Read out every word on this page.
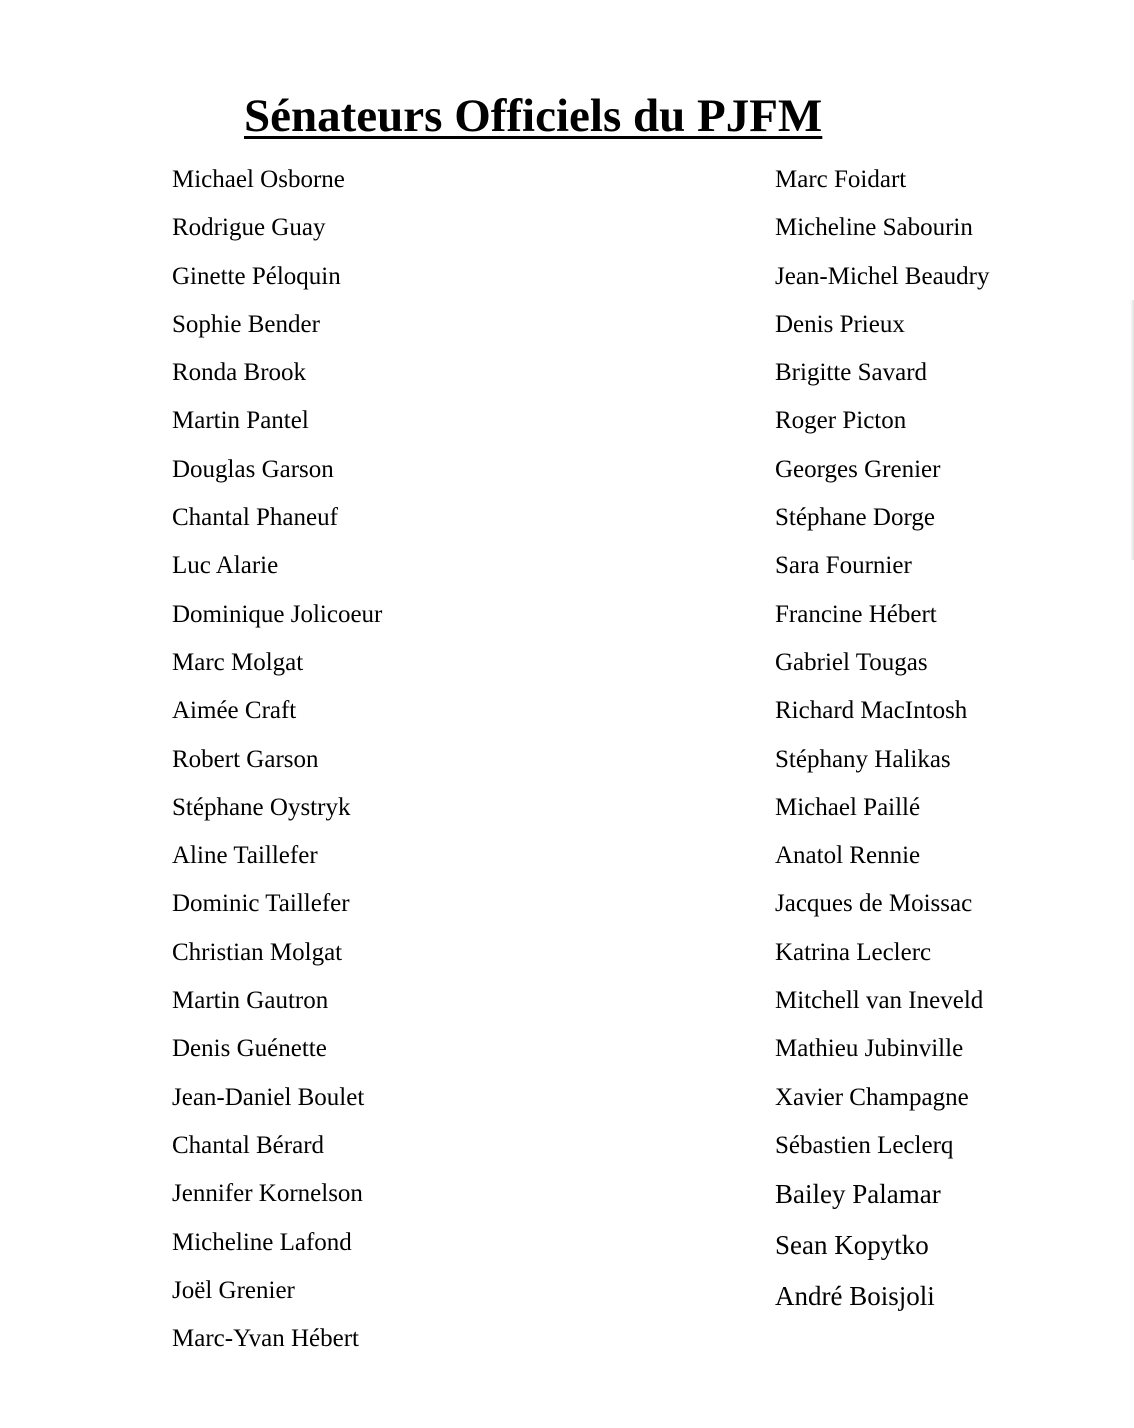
Sénateurs Officiels du PJFM
Michael Osborne
Rodrigue Guay
Ginette Péloquin
Sophie Bender
Ronda Brook
Martin Pantel
Douglas Garson
Chantal Phaneuf
Luc Alarie
Dominique Jolicoeur
Marc Molgat
Aimée Craft
Robert Garson
Stéphane Oystryk
Aline Taillefer
Dominic Taillefer
Christian Molgat
Martin Gautron
Denis Guénette
Jean-Daniel Boulet
Chantal Bérard
Jennifer Kornelson
Micheline Lafond
Joël Grenier
Marc-Yvan Hébert
Marc Foidart
Micheline Sabourin
Jean-Michel Beaudry
Denis Prieux
Brigitte Savard
Roger Picton
Georges Grenier
Stéphane Dorge
Sara Fournier
Francine Hébert
Gabriel Tougas
Richard MacIntosh
Stéphany Halikas
Michael Paillé
Anatol Rennie
Jacques de Moissac
Katrina Leclerc
Mitchell van Ineveld
Mathieu Jubinville
Xavier Champagne
Sébastien Leclerq
Bailey Palamar
Sean Kopytko
André Boisjoli
